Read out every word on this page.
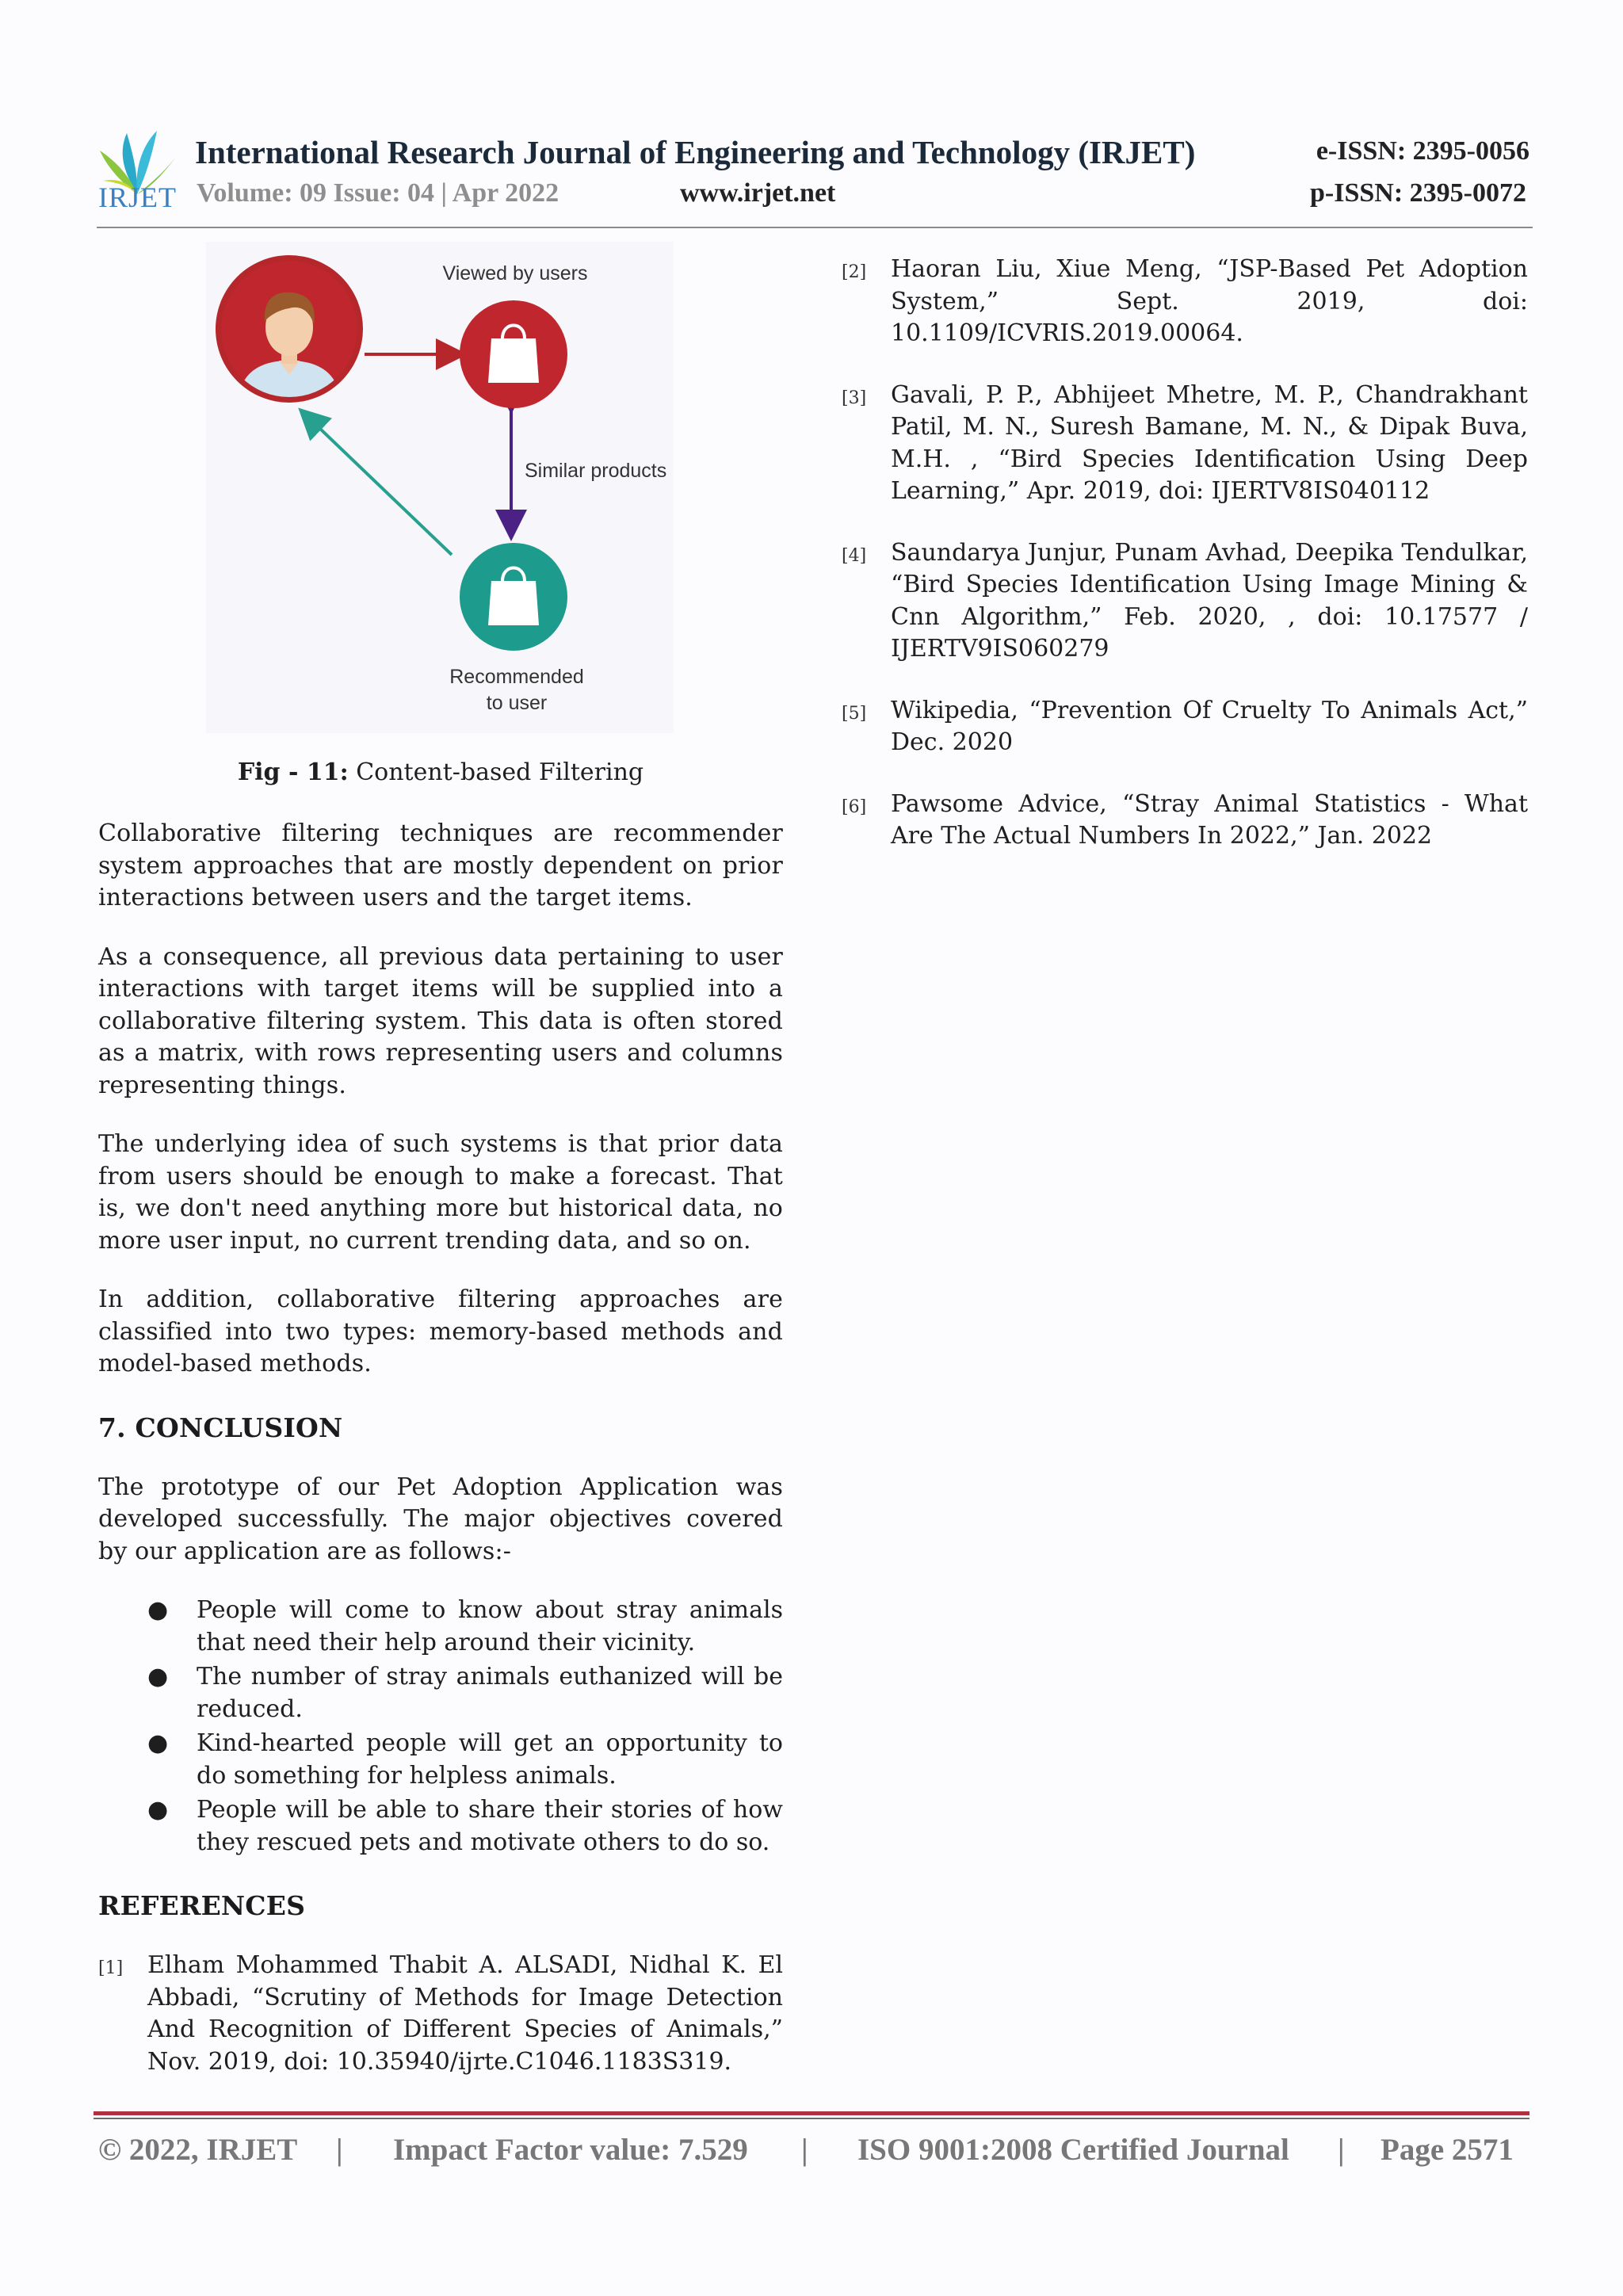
IRJET
International Research Journal of Engineering and Technology (IRJET)	e-ISSN: 2395-0056
Volume: 09 Issue: 04 | Apr 2022	www.irjet.net	p-ISSN: 2395-0072
Viewed by users
Similar products
Recommended
to user
Fig - 11: Content-based Filtering

Collaborative filtering techniques are recommender system approaches that are mostly dependent on prior interactions between users and the target items.

As a consequence, all previous data pertaining to user interactions with target items will be supplied into a collaborative filtering system. This data is often stored as a matrix, with rows representing users and columns representing things.

The underlying idea of such systems is that prior data from users should be enough to make a forecast. That is, we don't need anything more but historical data, no more user input, no current trending data, and so on.

In addition, collaborative filtering approaches are classified into two types: memory-based methods and model-based methods.

7. CONCLUSION

The prototype of our Pet Adoption Application was developed successfully. The major objectives covered by our application are as follows:-

● People will come to know about stray animals that need their help around their vicinity.
● The number of stray animals euthanized will be reduced.
● Kind-hearted people will get an opportunity to do something for helpless animals.
● People will be able to share their stories of how they rescued pets and motivate others to do so.
REFERENCES
[1] Elham Mohammed Thabit A. ALSADI, Nidhal K. El Abbadi, “Scrutiny of Methods for Image Detection And Recognition of Different Species of Animals,” Nov. 2019, doi: 10.35940/ijrte.C1046.1183S319.
[2] Haoran Liu, Xiue Meng, “JSP-Based Pet Adoption System,” Sept. 2019, doi: 10.1109/ICVRIS.2019.00064.
[3] Gavali, P. P., Abhijeet Mhetre, M. P., Chandrakhant Patil, M. N., Suresh Bamane, M. N., & Dipak Buva, M.H. , “Bird Species Identification Using Deep Learning,” Apr. 2019, doi: IJERTV8IS040112
[4] Saundarya Junjur, Punam Avhad, Deepika Tendulkar, “Bird Species Identification Using Image Mining & Cnn Algorithm,” Feb. 2020, , doi: 10.17577 / IJERTV9IS060279
[5] Wikipedia, “Prevention Of Cruelty To Animals Act,” Dec. 2020
[6] Pawsome Advice, “Stray Animal Statistics - What Are The Actual Numbers In 2022,” Jan. 2022
© 2022, IRJET | Impact Factor value: 7.529 | ISO 9001:2008 Certified Journal | Page 2571
